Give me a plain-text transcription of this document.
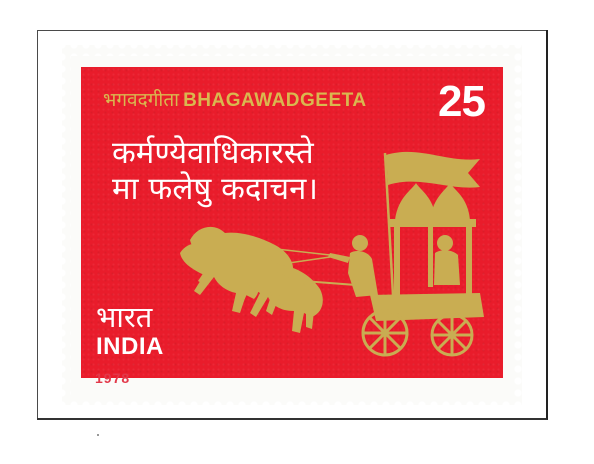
भगवदगीता BHAGAWADGEETA 25
कर्मण्येवाधिकारस्ते
मा फलेषु कदाचन।
भारत
INDIA
1978
